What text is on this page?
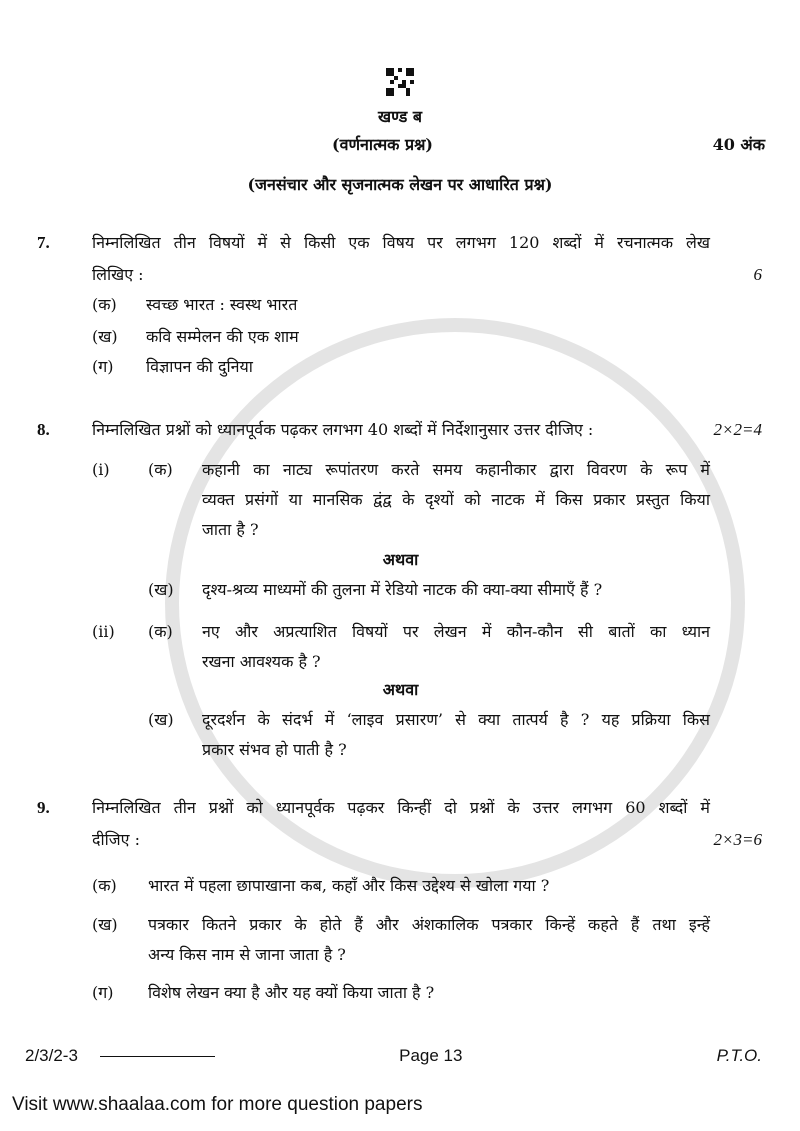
खण्ड ब
(वर्णनात्मक प्रश्न)	40 अंक
(जनसंचार और सृजनात्मक लेखन पर आधारित प्रश्न)
7.	निम्नलिखित तीन विषयों में से किसी एक विषय पर लगभग 120 शब्दों में रचनात्मक लेख
लिखिए :	6
(क)	स्वच्छ भारत : स्वस्थ भारत
(ख)	कवि सम्मेलन की एक शाम
(ग)	विज्ञापन की दुनिया
8.	निम्नलिखित प्रश्नों को ध्यानपूर्वक पढ़कर लगभग 40 शब्दों में निर्देशानुसार उत्तर दीजिए :	2×2=4
(i)	(क)	कहानी का नाट्य रूपांतरण करते समय कहानीकार द्वारा विवरण के रूप में
व्यक्त प्रसंगों या मानसिक द्वंद्व के दृश्यों को नाटक में किस प्रकार प्रस्तुत किया
जाता है ?
अथवा
(ख)	दृश्य-श्रव्य माध्यमों की तुलना में रेडियो नाटक की क्या-क्या सीमाएँ हैं ?
(ii)	(क)	नए और अप्रत्याशित विषयों पर लेखन में कौन-कौन सी बातों का ध्यान
रखना आवश्यक है ?
अथवा
(ख)	दूरदर्शन के संदर्भ में ‘लाइव प्रसारण’ से क्या तात्पर्य है ? यह प्रक्रिया किस
प्रकार संभव हो पाती है ?
9.	निम्नलिखित तीन प्रश्नों को ध्यानपूर्वक पढ़कर किन्हीं दो प्रश्नों के उत्तर लगभग 60 शब्दों में
दीजिए :	2×3=6
(क)	भारत में पहला छापाखाना कब, कहाँ और किस उद्देश्य से खोला गया ?
(ख)	पत्रकार कितने प्रकार के होते हैं और अंशकालिक पत्रकार किन्हें कहते हैं तथा इन्हें
अन्य किस नाम से जाना जाता है ?
(ग)	विशेष लेखन क्या है और यह क्यों किया जाता है ?
2/3/2-3	Page 13	P.T.O.
Visit www.shaalaa.com for more question papers
